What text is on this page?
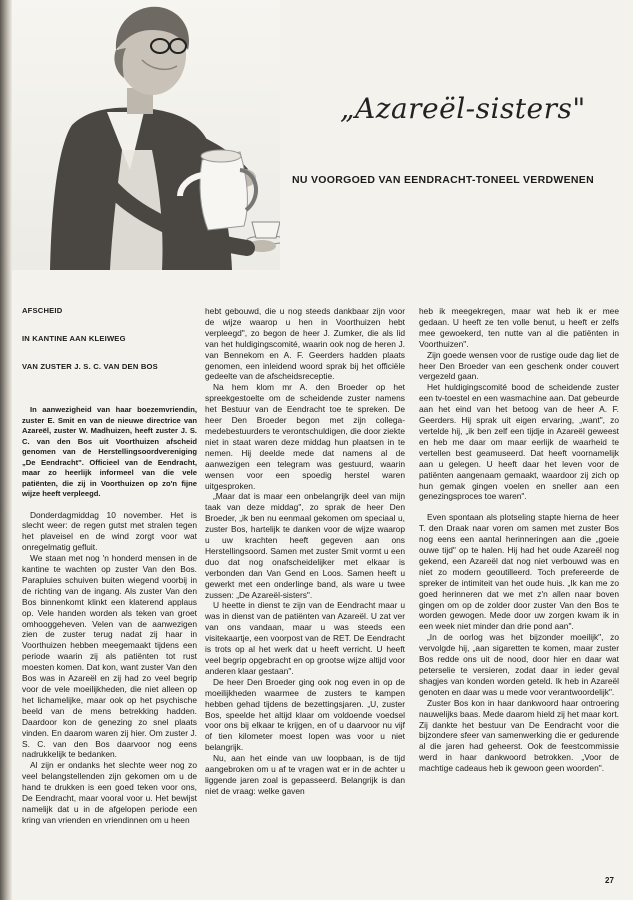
„Azareël-sisters"
NU VOORGOED VAN EENDRACHT-TONEEL VERDWENEN
AFSCHEID
IN KANTINE AAN KLEIWEG
VAN ZUSTER J. S. C. VAN DEN BOS

In aanwezigheid van haar boezemvriendin, zuster E. Smit en van de nieuwe directrice van Azareël, zuster W. Madhuizen, heeft zuster J. S. C. van den Bos uit Voorthuizen afscheid genomen van de Herstellingsoordvereniging „De Eendracht". Officieel van de Eendracht, maar zo heerlijk informeel van die vele patiënten, die zij in Voorthuizen op zo'n fijne wijze heeft verpleegd.

Donderdagmiddag 10 november. Het is slecht weer: de regen gutst met stralen tegen het plaveisel en de wind zorgt voor wat onregelmatig gefluit.

We staan met nog 'n honderd mensen in de kantine te wachten op zuster Van den Bos. Parapluies schuiven buiten wiegend voorbij in de richting van de ingang. Als zuster Van den Bos binnenkomt klinkt een klaterend applaus op. Vele handen worden als teken van groet omhooggeheven. Velen van de aanwezigen zien de zuster terug nadat zij haar in Voorthuizen hebben meegemaakt tijdens een periode waarin zij als patiënten tot rust moesten komen. Dat kon, want zuster Van den Bos was in Azareël en zij had zo veel begrip voor de vele moeilijkheden, die niet alleen op het lichamelijke, maar ook op het psychische beeld van de mens betrekking hadden. Daardoor kon de genezing zo snel plaats vinden. En daarom waren zij hier. Om zuster J. S. C. van den Bos daarvoor nog eens nadrukkelijk te bedanken.

Al zijn er ondanks het slechte weer nog zo veel belangstellenden zijn gekomen om u de hand te drukken is een goed teken voor ons, De Eendracht, maar vooral voor u. Het bewijst namelijk dat u in de afgelopen periode een kring van vrienden en vriendinnen om u heen

hebt gebouwd, die u nog steeds dankbaar zijn voor de wijze waarop u hen in Voorthuizen hebt verpleegd", zo begon de heer J. Zumker, die als lid van het huldigingscomité, waarin ook nog de heren J. van Bennekom en A. F. Geerders hadden plaats genomen, een inleidend woord sprak bij het officiële gedeelte van de afscheidsreceptie.

Na hem klom mr A. den Broeder op het spreekgestoelte om de scheidende zuster namens het Bestuur van de Eendracht toe te spreken. De heer Den Broeder begon met zijn collega-medebestuurders te verontschuldigen, die door ziekte niet in staat waren deze middag hun plaatsen in te nemen. Hij deelde mede dat namens al de aanwezigen een telegram was gestuurd, waarin wensen voor een spoedig herstel waren uitgesproken.

„Maar dat is maar een onbelangrijk deel van mijn taak van deze middag", zo sprak de heer Den Broeder, „ik ben nu eenmaal gekomen om speciaal u, zuster Bos, hartelijk te danken voor de wijze waarop u uw krachten heeft gegeven aan ons Herstellingsoord. Samen met zuster Smit vormt u een duo dat nog onafscheidelijker met elkaar is verbonden dan Van Gend en Loos. Samen heeft u gewerkt met een onderlinge band, als ware u twee zussen: „De Azareël-sisters".

U heette in dienst te zijn van de Eendracht maar u was in dienst van de patiënten van Azareël. U zat ver van ons vandaan, maar u was steeds een visitekaartje, een voorpost van de RET. De Eendracht is trots op al het werk dat u heeft verricht. U heeft veel begrip opgebracht en op grootse wijze altijd voor anderen klaar gestaan".

De heer Den Broeder ging ook nog even in op de moeilijkheden waarmee de zusters te kampen hebben gehad tijdens de bezettingsjaren. „U, zuster Bos, speelde het altijd klaar om voldoende voedsel voor ons bij elkaar te krijgen, en of u daarvoor nu vijf of tien kilometer moest lopen was voor u niet belangrijk.

Nu, aan het einde van uw loopbaan, is de tijd aangebroken om u af te vragen wat er in de achter u liggende jaren zoal is gepasseerd. Belangrijk is dan niet de vraag: welke gaven

heb ik meegekregen, maar wat heb ik er mee gedaan. U heeft ze ten volle benut, u heeft er zelfs mee gewoekerd, ten nutte van al die patiënten in Voorthuizen".

Zijn goede wensen voor de rustige oude dag liet de heer Den Broeder van een geschenk onder couvert vergezeld gaan.

Het huldigingscomité bood de scheidende zuster een tv-toestel en een wasmachine aan. Dat gebeurde aan het eind van het betoog van de heer A. F. Geerders. Hij sprak uit eigen ervaring, „want", zo vertelde hij, „ik ben zelf een tijdje in Azareël geweest en heb me daar om maar eerlijk de waarheid te vertellen best geamuseerd. Dat heeft voornamelijk aan u gelegen. U heeft daar het leven voor de patiënten aangenaam gemaakt, waardoor zij zich op hun gemak gingen voelen en sneller aan een genezingsproces toe waren".

Even spontaan als plotseling stapte hierna de heer T. den Draak naar voren om samen met zuster Bos nog eens een aantal herinneringen aan die „goeie ouwe tijd" op te halen. Hij had het oude Azareël nog gekend, een Azareël dat nog niet verbouwd was en niet zo modern geoutilleerd. Toch prefereerde de spreker de intimiteit van het oude huis. „Ik kan me zo goed herinneren dat we met z'n allen naar boven gingen om op de zolder door zuster Van den Bos te worden gewogen. Mede door uw zorgen kwam ik in een week niet minder dan drie pond aan".

„In de oorlog was het bijzonder moeilijk", zo vervolgde hij, „aan sigaretten te komen, maar zuster Bos redde ons uit de nood, door hier en daar wat peterselie te versieren, zodat daar in ieder geval shagjes van konden worden geteld. Ik heb in Azareël genoten en daar was u mede voor verantwoordelijk".

Zuster Bos kon in haar dankwoord haar ontroering nauwelijks baas. Mede daarom hield zij het maar kort. Zij dankte het bestuur van De Eendracht voor die bijzondere sfeer van samenwerking die er gedurende al die jaren had geheerst. Ook de feestcommissie werd in haar dankwoord betrokken. „Voor de machtige cadeaus heb ik gewoon geen woorden".

27
